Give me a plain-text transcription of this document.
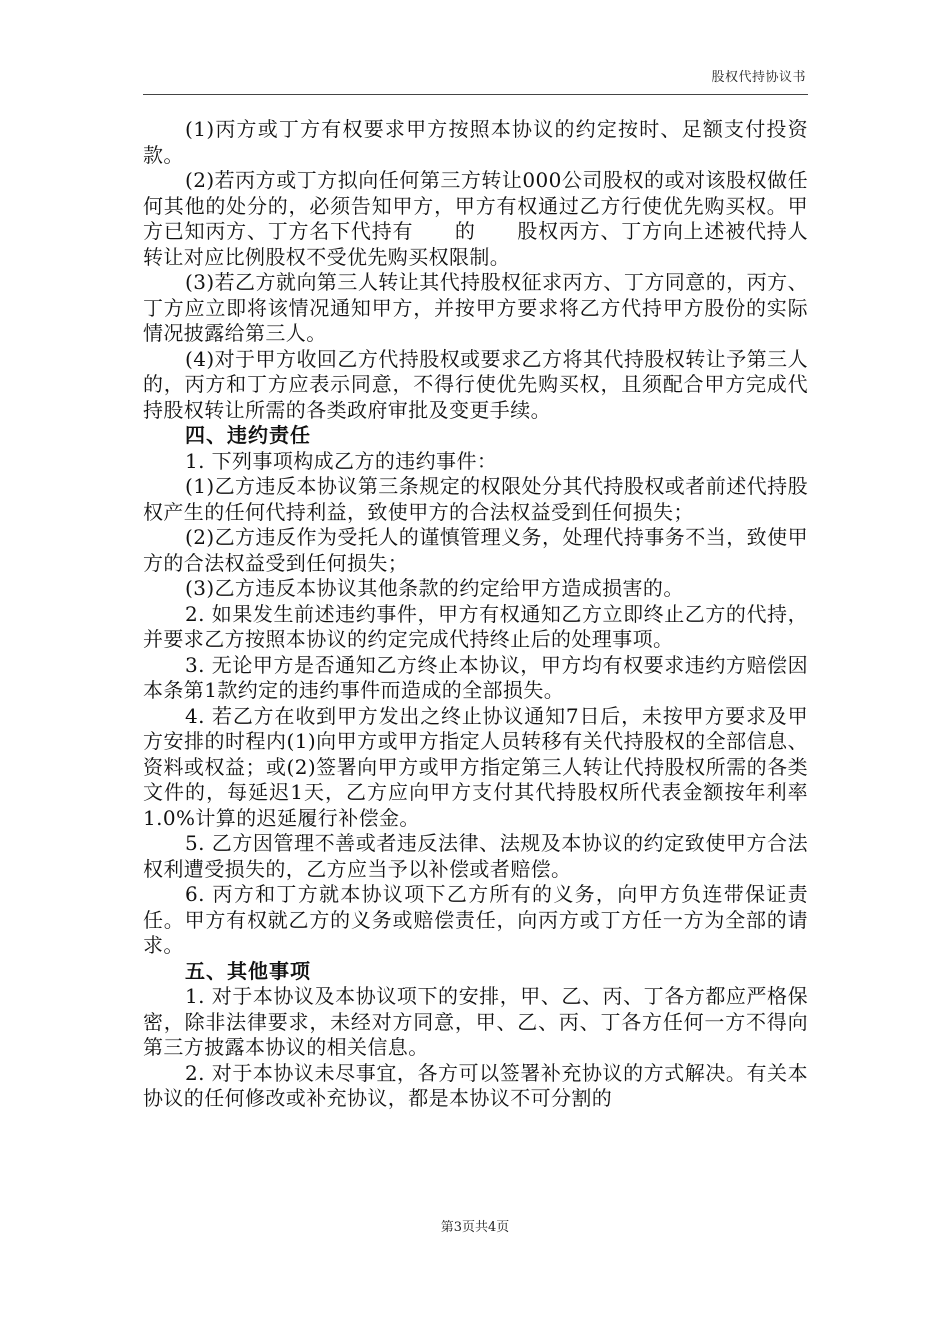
股权代持协议书

(1)丙方或丁方有权要求甲方按照本协议的约定按时、足额支付投资款。

(2)若丙方或丁方拟向任何第三方转让000公司股权的或对该股权做任何其他的处分的，必须告知甲方，甲方有权通过乙方行使优先购买权。甲方已知丙方、丁方名下代持有　　的　　股权丙方、丁方向上述被代持人转让对应比例股权不受优先购买权限制。

(3)若乙方就向第三人转让其代持股权征求丙方、丁方同意的，丙方、丁方应立即将该情况通知甲方，并按甲方要求将乙方代持甲方股份的实际情况披露给第三人。

(4)对于甲方收回乙方代持股权或要求乙方将其代持股权转让予第三人的，丙方和丁方应表示同意，不得行使优先购买权，且须配合甲方完成代持股权转让所需的各类政府审批及变更手续。

四、违约责任

1. 下列事项构成乙方的违约事件：

(1)乙方违反本协议第三条规定的权限处分其代持股权或者前述代持股权产生的任何代持利益，致使甲方的合法权益受到任何损失；

(2)乙方违反作为受托人的谨慎管理义务，处理代持事务不当，致使甲方的合法权益受到任何损失；

(3)乙方违反本协议其他条款的约定给甲方造成损害的。

2. 如果发生前述违约事件，甲方有权通知乙方立即终止乙方的代持，并要求乙方按照本协议的约定完成代持终止后的处理事项。

3. 无论甲方是否通知乙方终止本协议，甲方均有权要求违约方赔偿因本条第1款约定的违约事件而造成的全部损失。

4. 若乙方在收到甲方发出之终止协议通知7日后，未按甲方要求及甲方安排的时程内(1)向甲方或甲方指定人员转移有关代持股权的全部信息、资料或权益；或(2)签署向甲方或甲方指定第三人转让代持股权所需的各类文件的，每延迟1天，乙方应向甲方支付其代持股权所代表金额按年利率1.0%计算的迟延履行补偿金。

5. 乙方因管理不善或者违反法律、法规及本协议的约定致使甲方合法权利遭受损失的，乙方应当予以补偿或者赔偿。

6. 丙方和丁方就本协议项下乙方所有的义务，向甲方负连带保证责任。甲方有权就乙方的义务或赔偿责任，向丙方或丁方任一方为全部的请求。

五、其他事项

1. 对于本协议及本协议项下的安排，甲、乙、丙、丁各方都应严格保密，除非法律要求，未经对方同意，甲、乙、丙、丁各方任何一方不得向第三方披露本协议的相关信息。

2. 对于本协议未尽事宜，各方可以签署补充协议的方式解决。有关本协议的任何修改或补充协议，都是本协议不可分割的

第3页共4页
